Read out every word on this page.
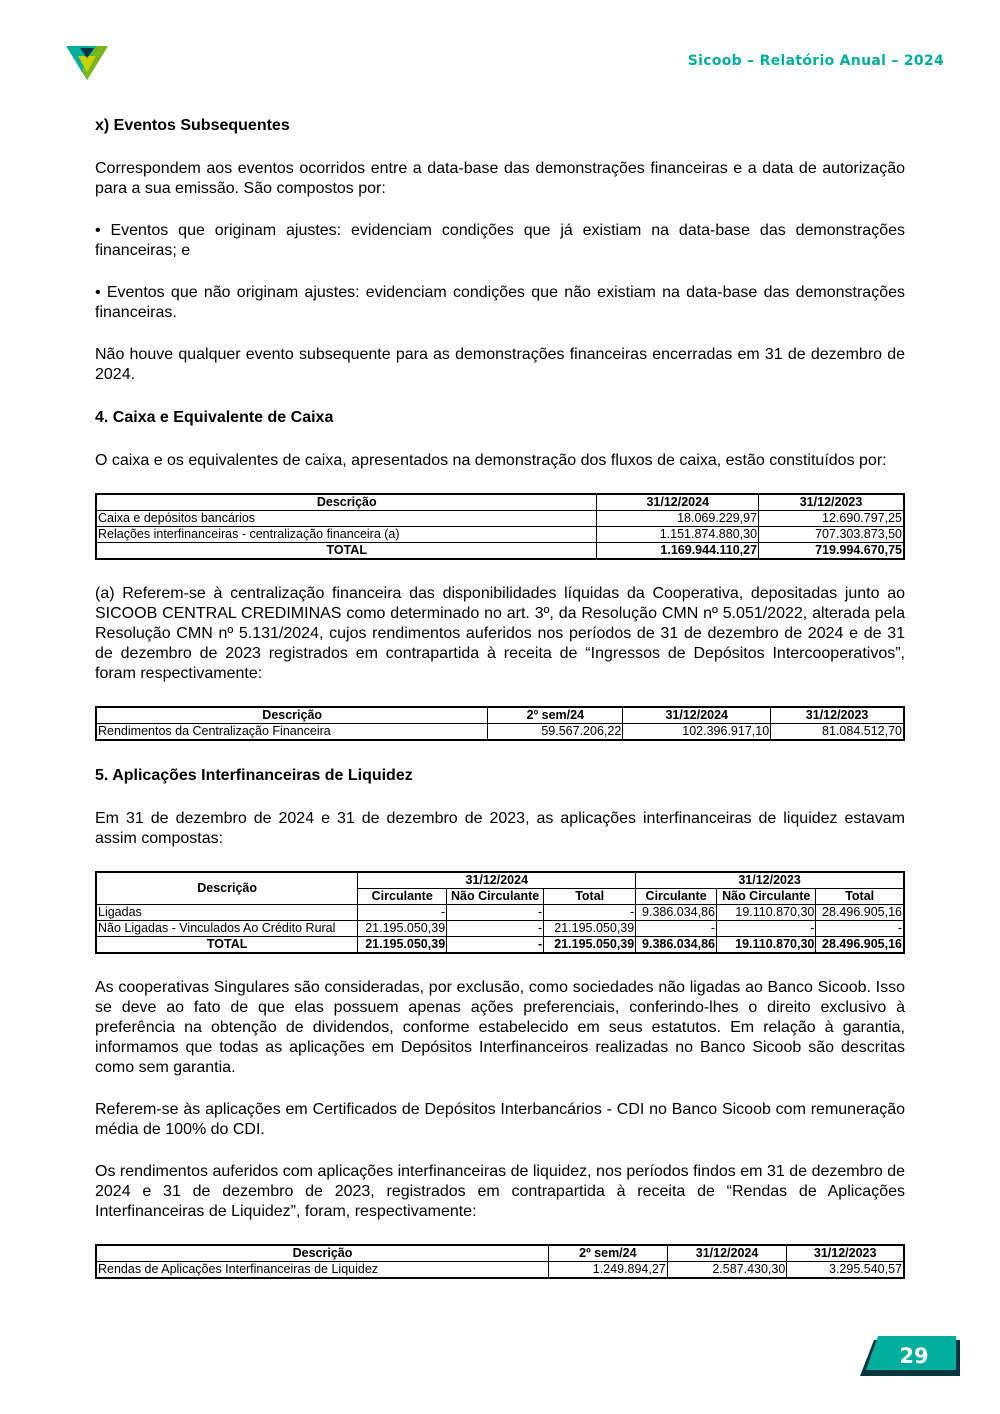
Sicoob – Relatório Anual – 2024
x) Eventos Subsequentes

Correspondem aos eventos ocorridos entre a data-base das demonstrações financeiras e a data de autorização para a sua emissão. São compostos por:

• Eventos que originam ajustes: evidenciam condições que já existiam na data-base das demonstrações financeiras; e

• Eventos que não originam ajustes: evidenciam condições que não existiam na data-base das demonstrações financeiras.

Não houve qualquer evento subsequente para as demonstrações financeiras encerradas em 31 de dezembro de 2024.

4. Caixa e Equivalente de Caixa

O caixa e os equivalentes de caixa, apresentados na demonstração dos fluxos de caixa, estão constituídos por:

Descrição	31/12/2024	31/12/2023
Caixa e depósitos bancários	18.069.229,97	12.690.797,25
Relações interfinanceiras - centralização financeira (a)	1.151.874.880,30	707.303.873,50
TOTAL	1.169.944.110,27	719.994.670,75

(a) Referem-se à centralização financeira das disponibilidades líquidas da Cooperativa, depositadas junto ao SICOOB CENTRAL CREDIMINAS como determinado no art. 3º, da Resolução CMN nº 5.051/2022, alterada pela Resolução CMN nº 5.131/2024, cujos rendimentos auferidos nos períodos de 31 de dezembro de 2024 e de 31 de dezembro de 2023 registrados em contrapartida à receita de “Ingressos de Depósitos Intercooperativos”, foram respectivamente:

Descrição	2º sem/24	31/12/2024	31/12/2023
Rendimentos da Centralização Financeira	59.567.206,22	102.396.917,10	81.084.512,70
5. Aplicações Interfinanceiras de Liquidez

Em 31 de dezembro de 2024 e 31 de dezembro de 2023, as aplicações interfinanceiras de liquidez estavam assim compostas:

Descrição	31/12/2024			31/12/2023		
	Circulante	Não Circulante	Total	Circulante	Não Circulante	Total
Ligadas	-	-	-	9.386.034,86	19.110.870,30	28.496.905,16
Não Ligadas - Vinculados Ao Crédito Rural	21.195.050,39	-	21.195.050,39	-	-	-
TOTAL	21.195.050,39	-	21.195.050,39	9.386.034,86	19.110.870,30	28.496.905,16

As cooperativas Singulares são consideradas, por exclusão, como sociedades não ligadas ao Banco Sicoob. Isso se deve ao fato de que elas possuem apenas ações preferenciais, conferindo-lhes o direito exclusivo à preferência na obtenção de dividendos, conforme estabelecido em seus estatutos. Em relação à garantia, informamos que todas as aplicações em Depósitos Interfinanceiros realizadas no Banco Sicoob são descritas como sem garantia.

Referem-se às aplicações em Certificados de Depósitos Interbancários - CDI no Banco Sicoob com remuneração média de 100% do CDI.

Os rendimentos auferidos com aplicações interfinanceiras de liquidez, nos períodos findos em 31 de dezembro de 2024 e 31 de dezembro de 2023, registrados em contrapartida à receita de “Rendas de Aplicações Interfinanceiras de Liquidez”, foram, respectivamente:

Descrição	2º sem/24	31/12/2024	31/12/2023
Rendas de Aplicações Interfinanceiras de Liquidez	1.249.894,27	2.587.430,30	3.295.540,57
29
